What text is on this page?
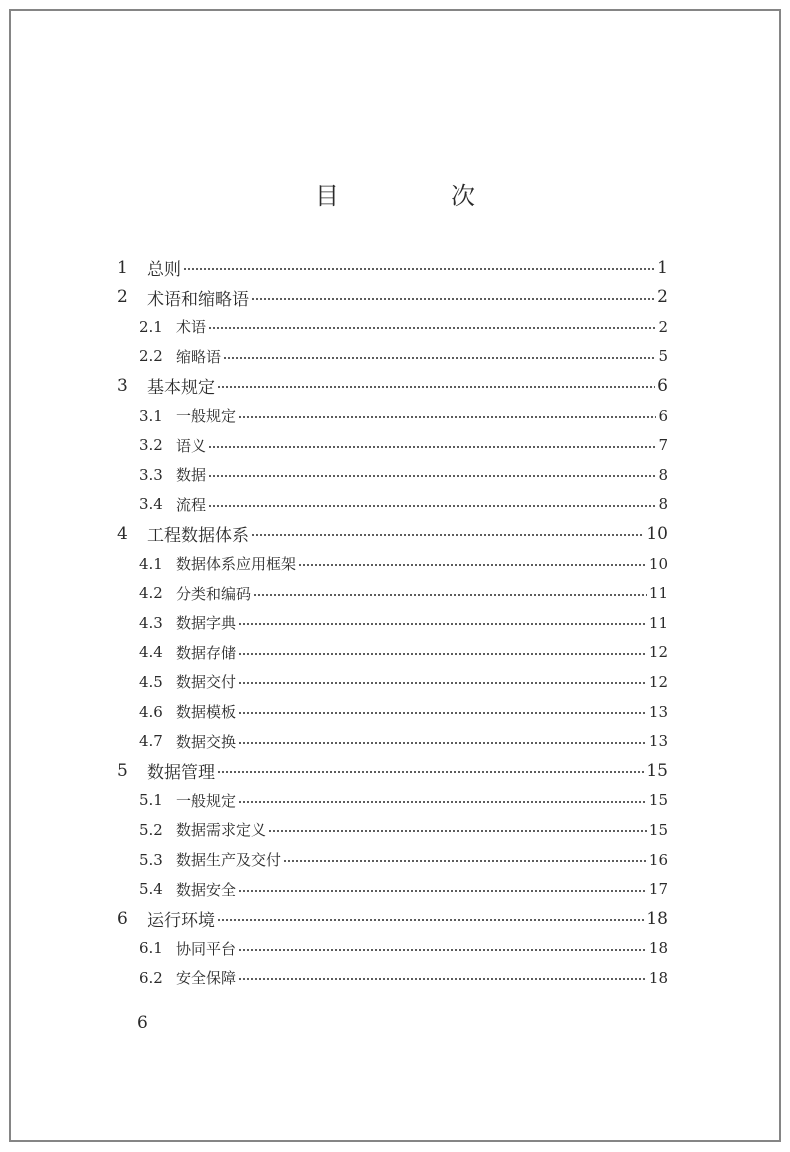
目　次
1	总则	1
2	术语和缩略语	2
2.1 术语	2
2.2 缩略语	5
3	基本规定	6
3.1 一般规定	6
3.2 语义	7
3.3 数据	8
3.4 流程	8
4	工程数据体系	10
4.1 数据体系应用框架	10
4.2 分类和编码	11
4.3 数据字典	11
4.4 数据存储	12
4.5 数据交付	12
4.6 数据模板	13
4.7 数据交换	13
5	数据管理	15
5.1 一般规定	15
5.2 数据需求定义	15
5.3 数据生产及交付	16
5.4 数据安全	17
6	运行环境	18
6.1 协同平台	18
6.2 安全保障	18
6
